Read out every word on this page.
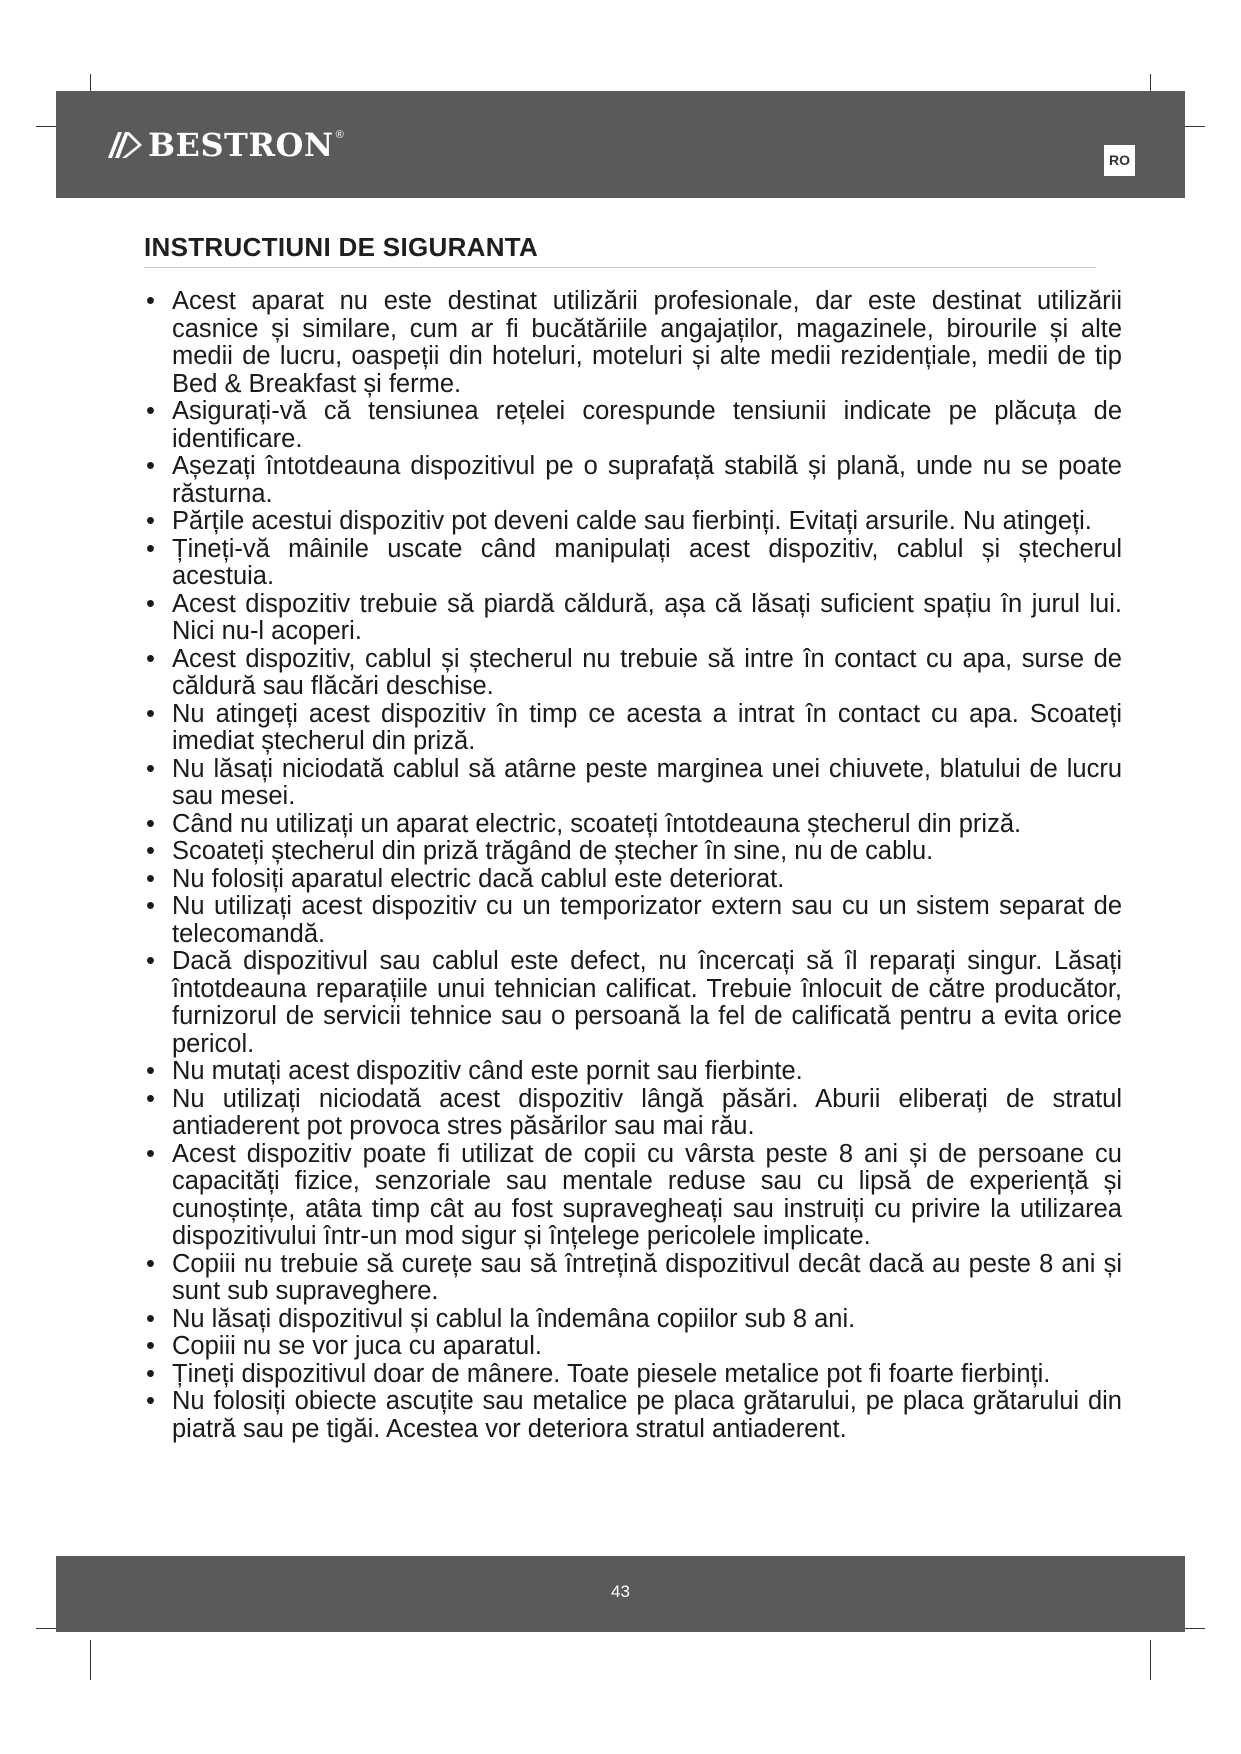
BESTRON ®
RO
INSTRUCTIUNI DE SIGURANTA
• Acest aparat nu este destinat utilizării profesionale, dar este destinat utilizării casnice și similare, cum ar fi bucătăriile angajaților, magazinele, birourile și alte medii de lucru, oaspeții din hoteluri, moteluri și alte medii rezidențiale, medii de tip Bed & Breakfast și ferme.
• Asigurați-vă că tensiunea rețelei corespunde tensiunii indicate pe plăcuța de identificare.
• Așezați întotdeauna dispozitivul pe o suprafață stabilă și plană, unde nu se poate răsturna.
• Părțile acestui dispozitiv pot deveni calde sau fierbinți. Evitați arsurile. Nu atingeți.
• Țineți-vă mâinile uscate când manipulați acest dispozitiv, cablul și ștecherul acestuia.
• Acest dispozitiv trebuie să piardă căldură, așa că lăsați suficient spațiu în jurul lui. Nici nu-l acoperi.
• Acest dispozitiv, cablul și ștecherul nu trebuie să intre în contact cu apa, surse de căldură sau flăcări deschise.
• Nu atingeți acest dispozitiv în timp ce acesta a intrat în contact cu apa. Scoateți imediat ștecherul din priză.
• Nu lăsați niciodată cablul să atârne peste marginea unei chiuvete, blatului de lucru sau mesei.
• Când nu utilizați un aparat electric, scoateți întotdeauna ștecherul din priză.
• Scoateți ștecherul din priză trăgând de ștecher în sine, nu de cablu.
• Nu folosiți aparatul electric dacă cablul este deteriorat.
• Nu utilizați acest dispozitiv cu un temporizator extern sau cu un sistem separat de telecomandă.
• Dacă dispozitivul sau cablul este defect, nu încercați să îl reparați singur. Lăsați întotdeauna reparațiile unui tehnician calificat. Trebuie înlocuit de către producător, furnizorul de servicii tehnice sau o persoană la fel de calificată pentru a evita orice pericol.
• Nu mutați acest dispozitiv când este pornit sau fierbinte.
• Nu utilizați niciodată acest dispozitiv lângă păsări. Aburii eliberați de stratul antiaderent pot provoca stres păsărilor sau mai rău.
• Acest dispozitiv poate fi utilizat de copii cu vârsta peste 8 ani și de persoane cu capacități fizice, senzoriale sau mentale reduse sau cu lipsă de experiență și cunoștințe, atâta timp cât au fost supravegheați sau instruiți cu privire la utilizarea dispozitivului într-un mod sigur și înțelege pericolele implicate.
• Copiii nu trebuie să curețe sau să întrețină dispozitivul decât dacă au peste 8 ani și sunt sub supraveghere.
• Nu lăsați dispozitivul și cablul la îndemâna copiilor sub 8 ani.
• Copiii nu se vor juca cu aparatul.
• Țineți dispozitivul doar de mânere. Toate piesele metalice pot fi foarte fierbinți.
• Nu folosiți obiecte ascuțite sau metalice pe placa grătarului, pe placa grătarului din piatră sau pe tigăi. Acestea vor deteriora stratul antiaderent.
43
